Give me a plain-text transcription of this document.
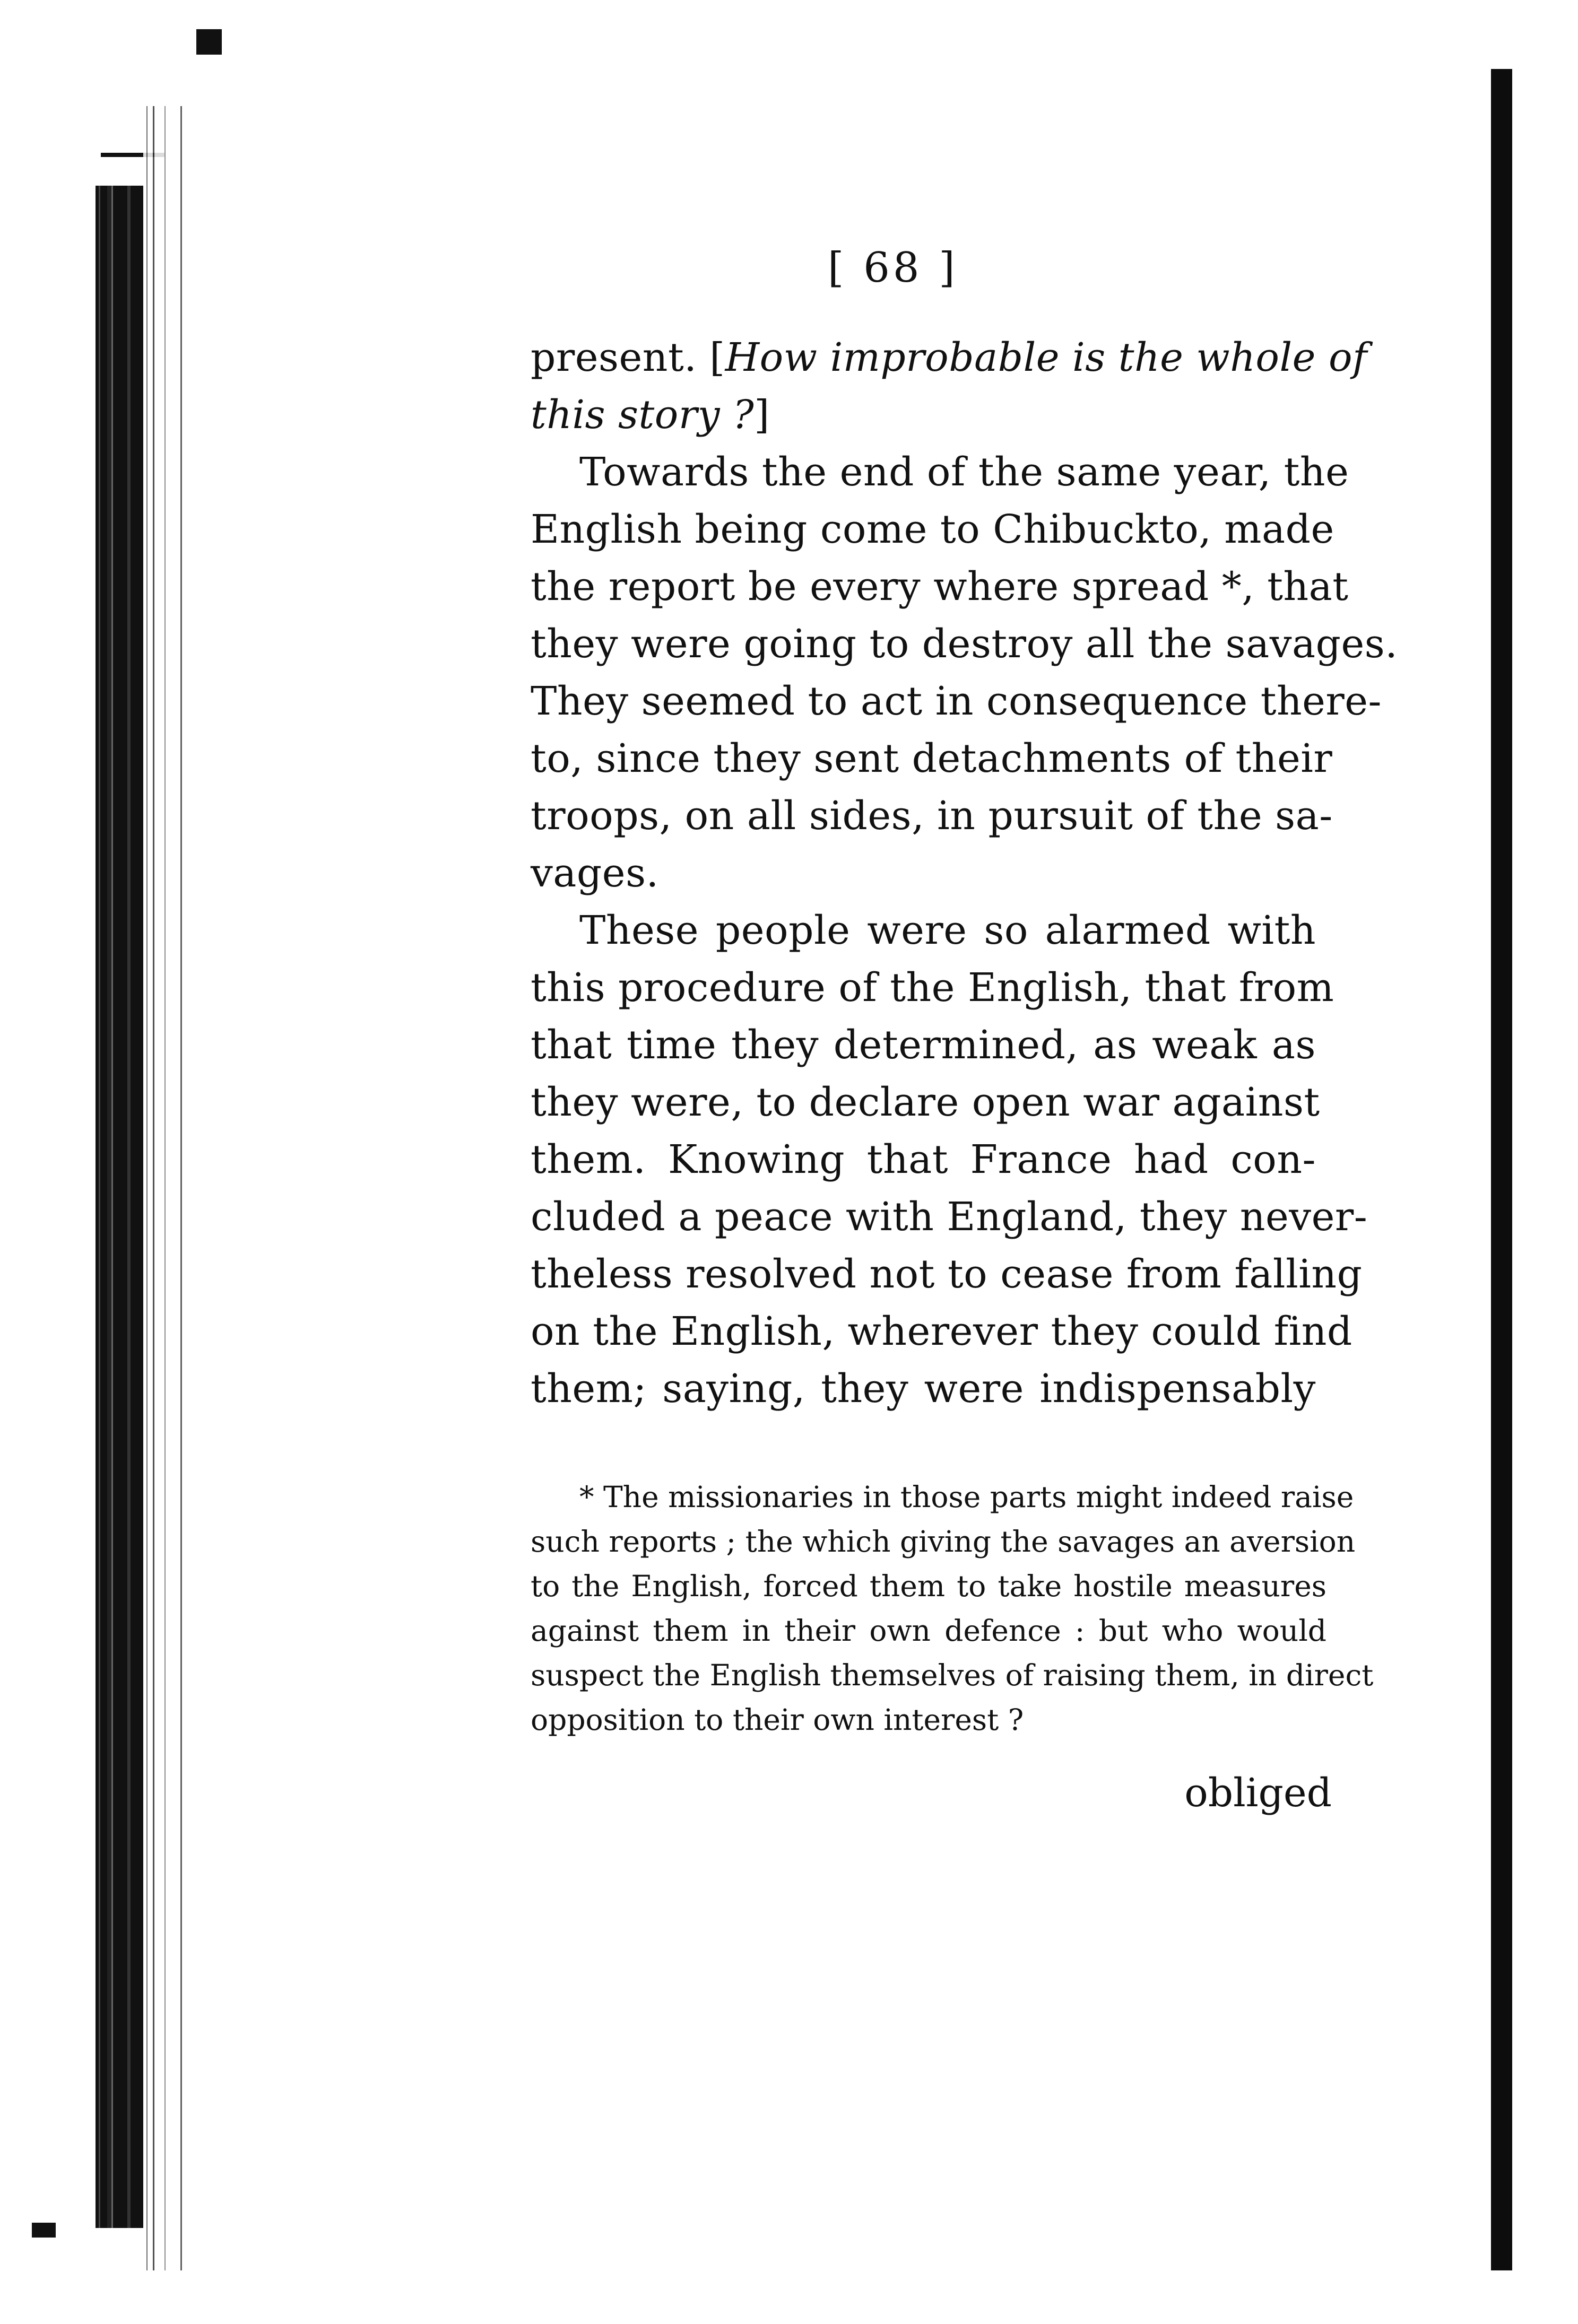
[ 68 ]
present. [How improbable is the whole of
this story ?]
Towards the end of the same year, the
English being come to Chibuckto, made
the report be every where spread *, that
they were going to destroy all the savages.
They seemed to act in consequence there-
to, since they sent detachments of their
troops, on all sides, in pursuit of the sa-
vages.
These people were so alarmed with
this procedure of the English, that from
that time they determined, as weak as
they were, to declare open war against
them. Knowing that France had con-
cluded a peace with England, they never-
theless resolved not to cease from falling
on the English, wherever they could find
them; saying, they were indispensably
* The missionaries in those parts might indeed raise
such reports ; the which giving the savages an aversion
to the English, forced them to take hostile measures
against them in their own defence : but who would
suspect the English themselves of raising them, in direct
opposition to their own interest ?
obliged
